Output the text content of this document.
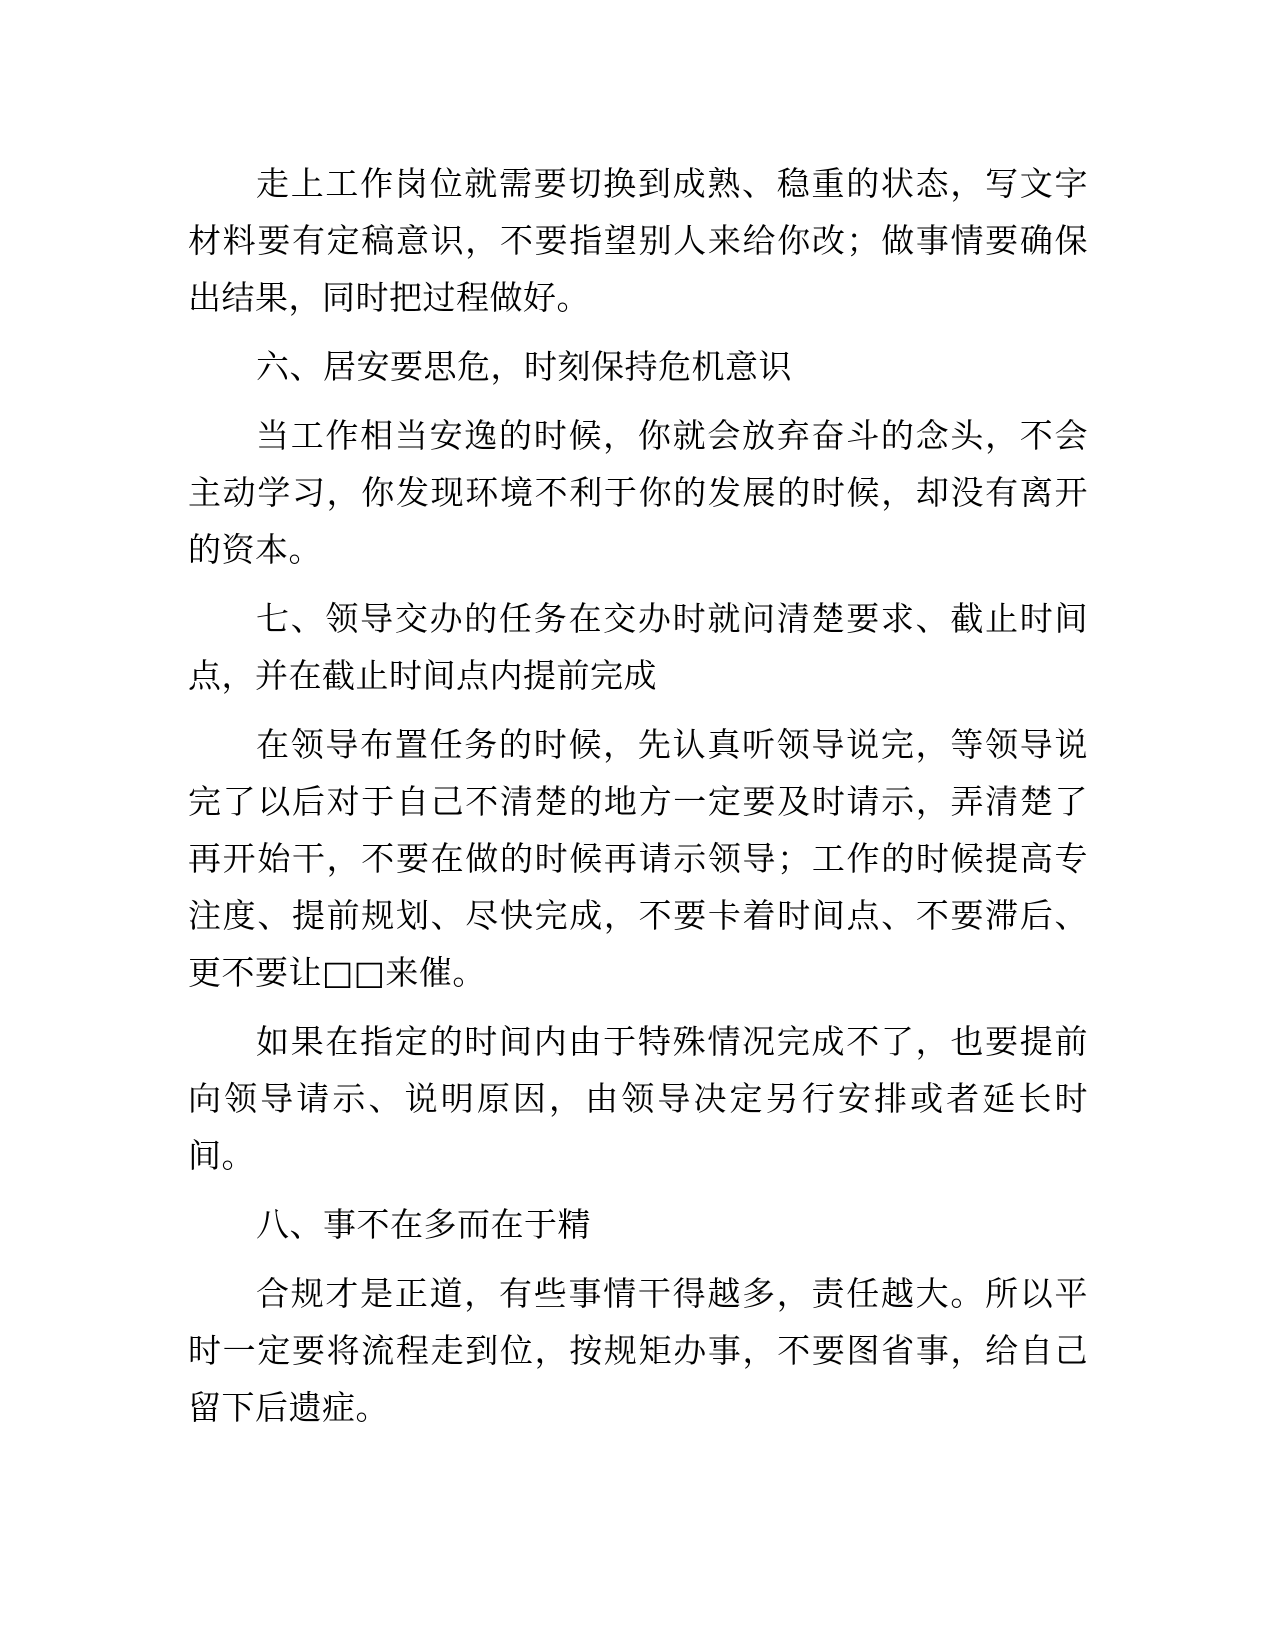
走上工作岗位就需要切换到成熟、稳重的状态，写文字材料要有定稿意识，不要指望别人来给你改；做事情要确保出结果，同时把过程做好。

六、居安要思危，时刻保持危机意识

当工作相当安逸的时候，你就会放弃奋斗的念头，不会主动学习，你发现环境不利于你的发展的时候，却没有离开的资本。

七、领导交办的任务在交办时就问清楚要求、截止时间点，并在截止时间点内提前完成

在领导布置任务的时候，先认真听领导说完，等领导说完了以后对于自己不清楚的地方一定要及时请示，弄清楚了再开始干，不要在做的时候再请示领导；工作的时候提高专注度、提前规划、尽快完成，不要卡着时间点、不要滞后、更不要让□□来催。

如果在指定的时间内由于特殊情况完成不了，也要提前向领导请示、说明原因，由领导决定另行安排或者延长时间。

八、事不在多而在于精

合规才是正道，有些事情干得越多，责任越大。所以平时一定要将流程走到位，按规矩办事，不要图省事，给自己留下后遗症。
